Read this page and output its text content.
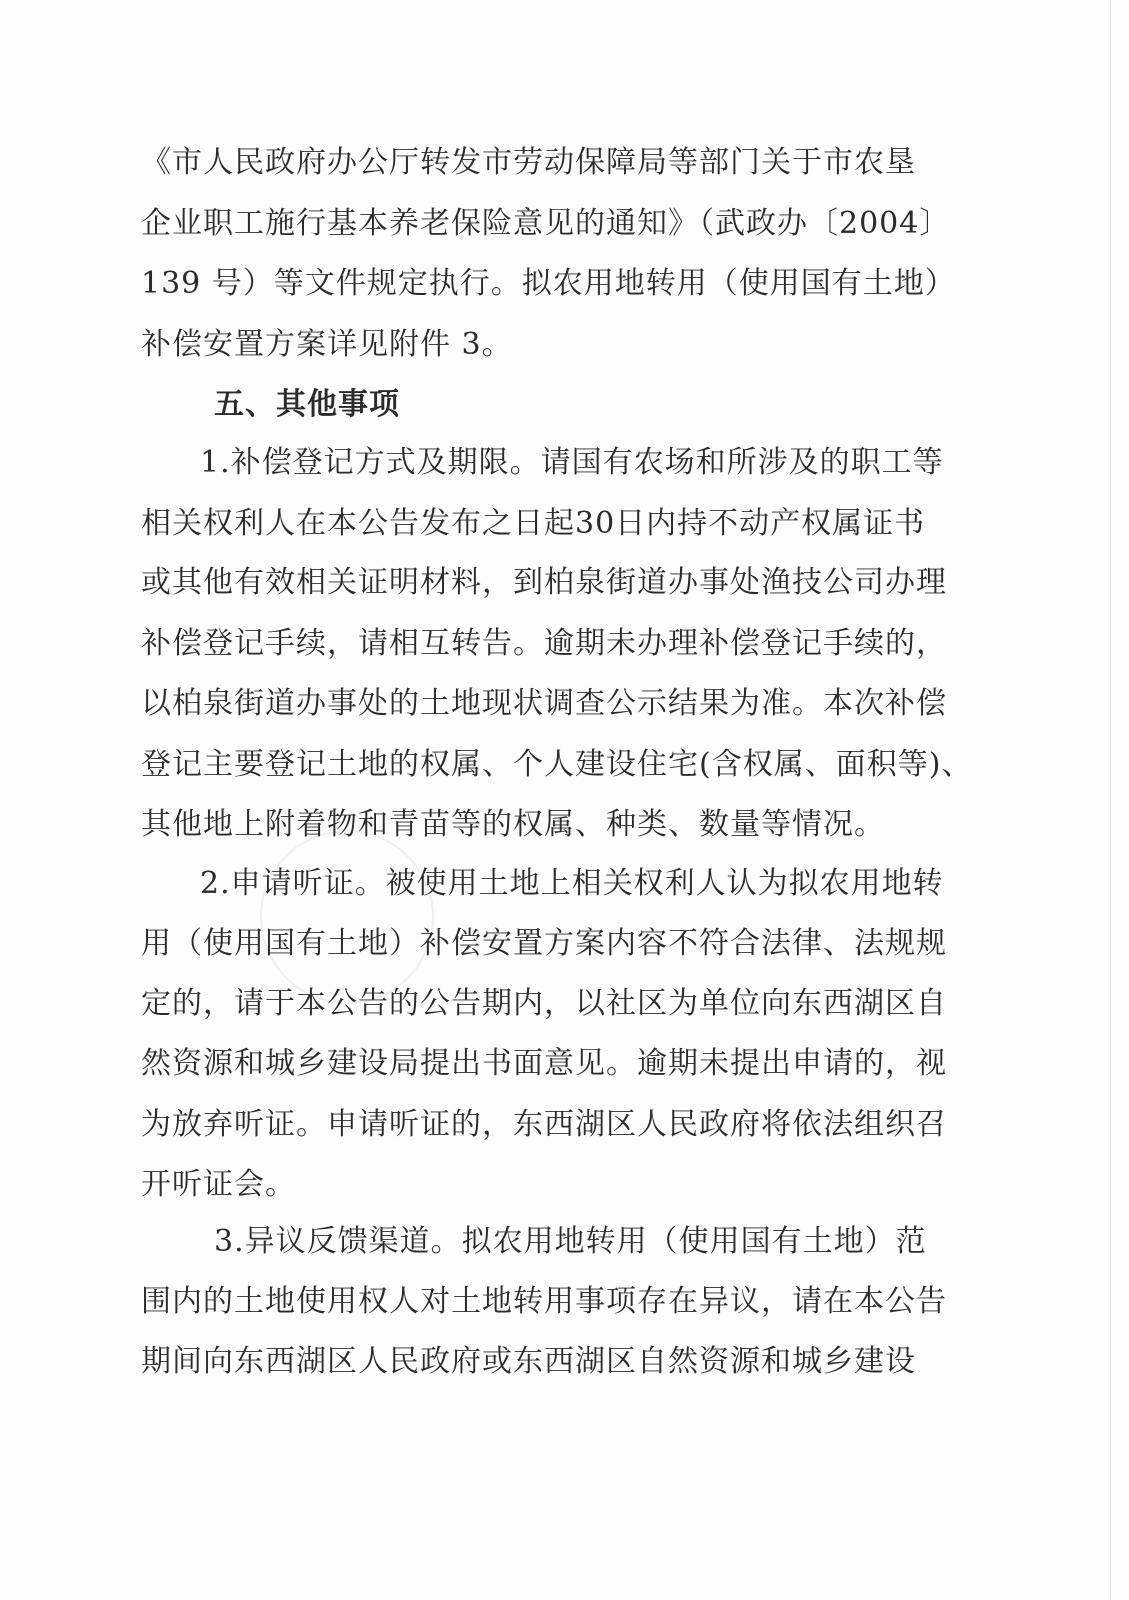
《市人民政府办公厅转发市劳动保障局等部门关于市农垦
企业职工施行基本养老保险意见的通知》（武政办〔2004〕
139 号）等文件规定执行。拟农用地转用（使用国有土地）
补偿安置方案详见附件 3。
五、其他事项
1.补偿登记方式及期限。请国有农场和所涉及的职工等
相关权利人在本公告发布之日起30日内持不动产权属证书
或其他有效相关证明材料，到柏泉街道办事处渔技公司办理
补偿登记手续，请相互转告。逾期未办理补偿登记手续的，
以柏泉街道办事处的土地现状调查公示结果为准。本次补偿
登记主要登记土地的权属、个人建设住宅(含权属、面积等)、
其他地上附着物和青苗等的权属、种类、数量等情况。
2.申请听证。被使用土地上相关权利人认为拟农用地转
用（使用国有土地）补偿安置方案内容不符合法律、法规规
定的，请于本公告的公告期内，以社区为单位向东西湖区自
然资源和城乡建设局提出书面意见。逾期未提出申请的，视
为放弃听证。申请听证的，东西湖区人民政府将依法组织召
开听证会。
3.异议反馈渠道。拟农用地转用（使用国有土地）范
围内的土地使用权人对土地转用事项存在异议，请在本公告
期间向东西湖区人民政府或东西湖区自然资源和城乡建设
